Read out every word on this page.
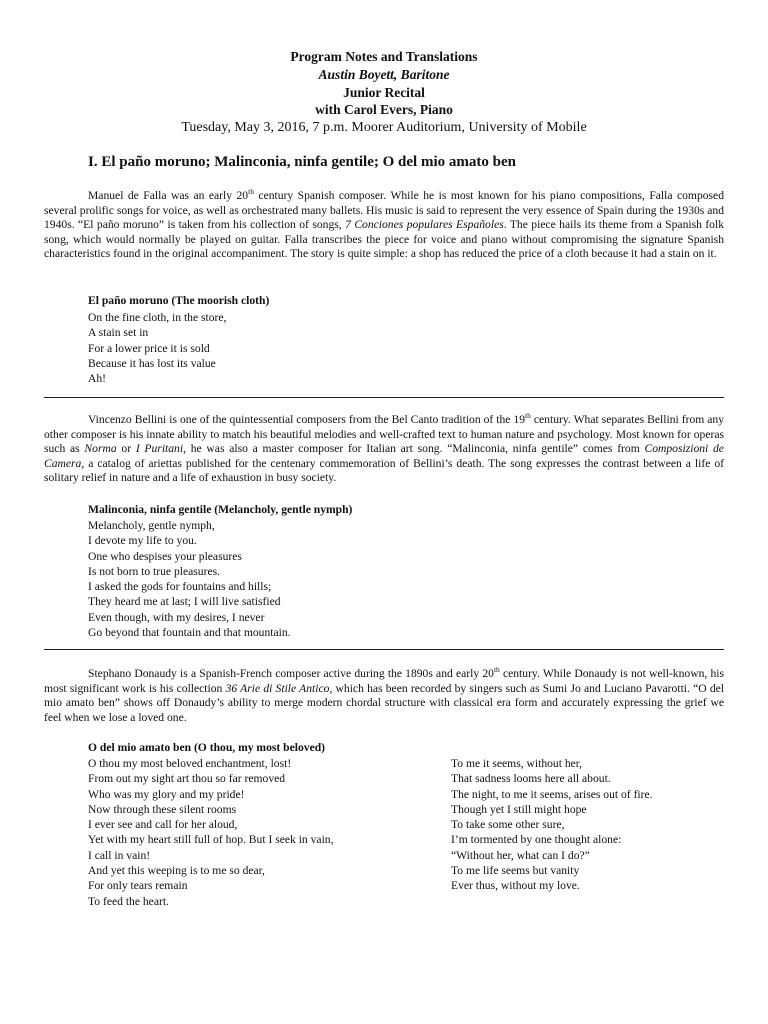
Program Notes and Translations
Austin Boyett, Baritone
Junior Recital
with Carol Evers, Piano
Tuesday, May 3, 2016, 7 p.m. Moorer Auditorium, University of Mobile
I. El paño moruno; Malinconia, ninfa gentile; O del mio amato ben
Manuel de Falla was an early 20th century Spanish composer. While he is most known for his piano compositions, Falla composed several prolific songs for voice, as well as orchestrated many ballets. His music is said to represent the very essence of Spain during the 1930s and 1940s. “El paño moruno” is taken from his collection of songs, 7 Conciones populares Españoles. The piece hails its theme from a Spanish folk song, which would normally be played on guitar. Falla transcribes the piece for voice and piano without compromising the signature Spanish characteristics found in the original accompaniment. The story is quite simple: a shop has reduced the price of a cloth because it had a stain on it.
El paño moruno (The moorish cloth)
On the fine cloth, in the store,
A stain set in
For a lower price it is sold
Because it has lost its value
Ah!
Vincenzo Bellini is one of the quintessential composers from the Bel Canto tradition of the 19th century. What separates Bellini from any other composer is his innate ability to match his beautiful melodies and well-crafted text to human nature and psychology. Most known for operas such as Norma or I Puritani, he was also a master composer for Italian art song. “Malinconia, ninfa gentile” comes from Composizioni de Camera, a catalog of ariettas published for the centenary commemoration of Bellini’s death. The song expresses the contrast between a life of solitary relief in nature and a life of exhaustion in busy society.
Malinconia, ninfa gentile (Melancholy, gentle nymph)
Melancholy, gentle nymph,
I devote my life to you.
One who despises your pleasures
Is not born to true pleasures.
I asked the gods for fountains and hills;
They heard me at last; I will live satisfied
Even though, with my desires, I never
Go beyond that fountain and that mountain.
Stephano Donaudy is a Spanish-French composer active during the 1890s and early 20th century. While Donaudy is not well-known, his most significant work is his collection 36 Arie di Stile Antico, which has been recorded by singers such as Sumi Jo and Luciano Pavarotti. “O del mio amato ben” shows off Donaudy’s ability to merge modern chordal structure with classical era form and accurately expressing the grief we feel when we lose a loved one.
O del mio amato ben (O thou, my most beloved)
O thou my most beloved enchantment, lost!
From out my sight art thou so far removed
Who was my glory and my pride!
Now through these silent rooms
I ever see and call for her aloud,
Yet with my heart still full of hop. But I seek in vain,
I call in vain!
And yet this weeping is to me so dear,
For only tears remain
To feed the heart.
To me it seems, without her,
That sadness looms here all about.
The night, to me it seems, arises out of fire.
Though yet I still might hope
To take some other sure,
I’m tormented by one thought alone:
“Without her, what can I do?”
To me life seems but vanity
Ever thus, without my love.
